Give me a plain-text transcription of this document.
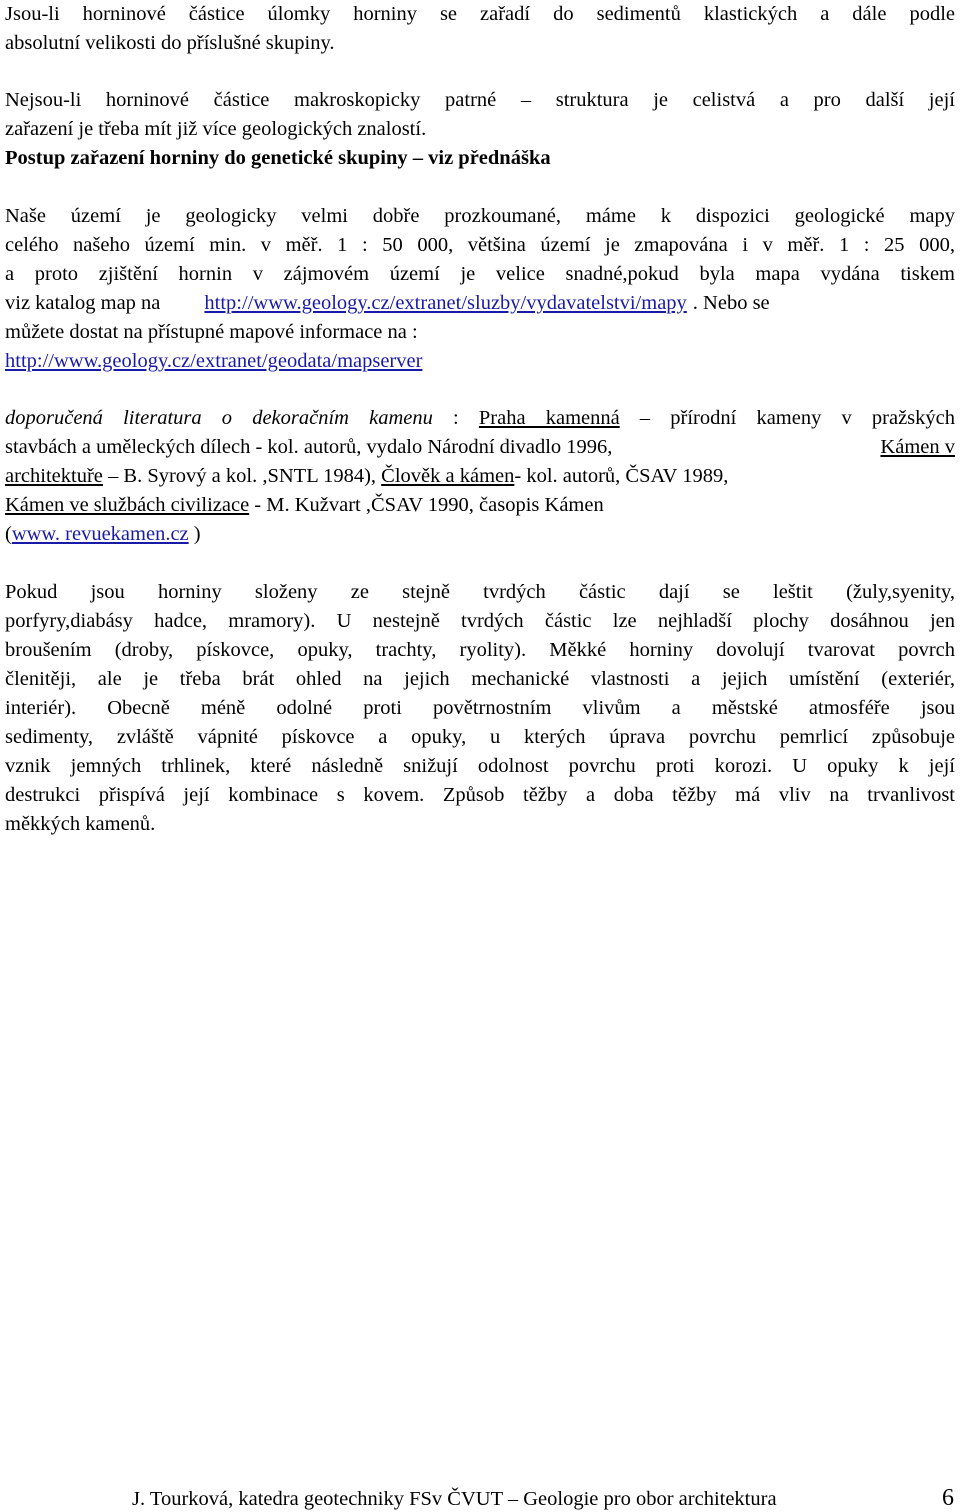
Jsou-li horninové částice úlomky horniny se zařadí do sedimentů klastických a dále podle
absolutní velikosti do příslušné skupiny.
Nejsou-li horninové částice makroskopicky patrné – struktura je celistvá a pro další její
zařazení je třeba mít již více geologických znalostí.
Postup zařazení horniny do genetické skupiny – viz přednáška
Naše území je geologicky velmi dobře prozkoumané, máme k dispozici geologické mapy
celého našeho území min. v měř. 1 : 50 000, většina území je zmapována i v měř. 1 : 25 000,
a proto zjištění hornin v zájmovém území je velice snadné,pokud byla mapa vydána tiskem
viz katalog map na http://www.geology.cz/extranet/sluzby/vydavatelstvi/mapy . Nebo se
můžete dostat na přístupné mapové informace na :
http://www.geology.cz/extranet/geodata/mapserver
doporučená literatura o dekoračním kamenu : Praha kamenná – přírodní kameny v pražských
stavbách a uměleckých dílech - kol. autorů, vydalo Národní divadlo 1996,	Kámen v
architektuře – B. Syrový a kol. ,SNTL 1984), Člověk a kámen- kol. autorů, ČSAV 1989,
Kámen ve službách civilizace - M. Kužvart ,ČSAV 1990, časopis Kámen
(www. revuekamen.cz )
Pokud jsou horniny složeny ze stejně tvrdých částic dají se leštit (žuly,syenity,
porfyry,diabásy hadce, mramory). U nestejně tvrdých částic lze nejhladší plochy dosáhnou jen
broušením (droby, pískovce, opuky, trachty, ryolity). Měkké horniny dovolují tvarovat povrch
členitěji, ale je třeba brát ohled na jejich mechanické vlastnosti a jejich umístění (exteriér,
interiér). Obecně méně odolné proti povětrnostním vlivům a městské atmosféře jsou
sedimenty, zvláště vápnité pískovce a opuky, u kterých úprava povrchu pemrlicí způsobuje
vznik jemných trhlinek, které následně snižují odolnost povrchu proti korozi. U opuky k její
destrukci přispívá její kombinace s kovem. Způsob těžby a doba těžby má vliv na trvanlivost
měkkých kamenů.
J. Tourková, katedra geotechniky FSv ČVUT – Geologie pro obor architektura	6
